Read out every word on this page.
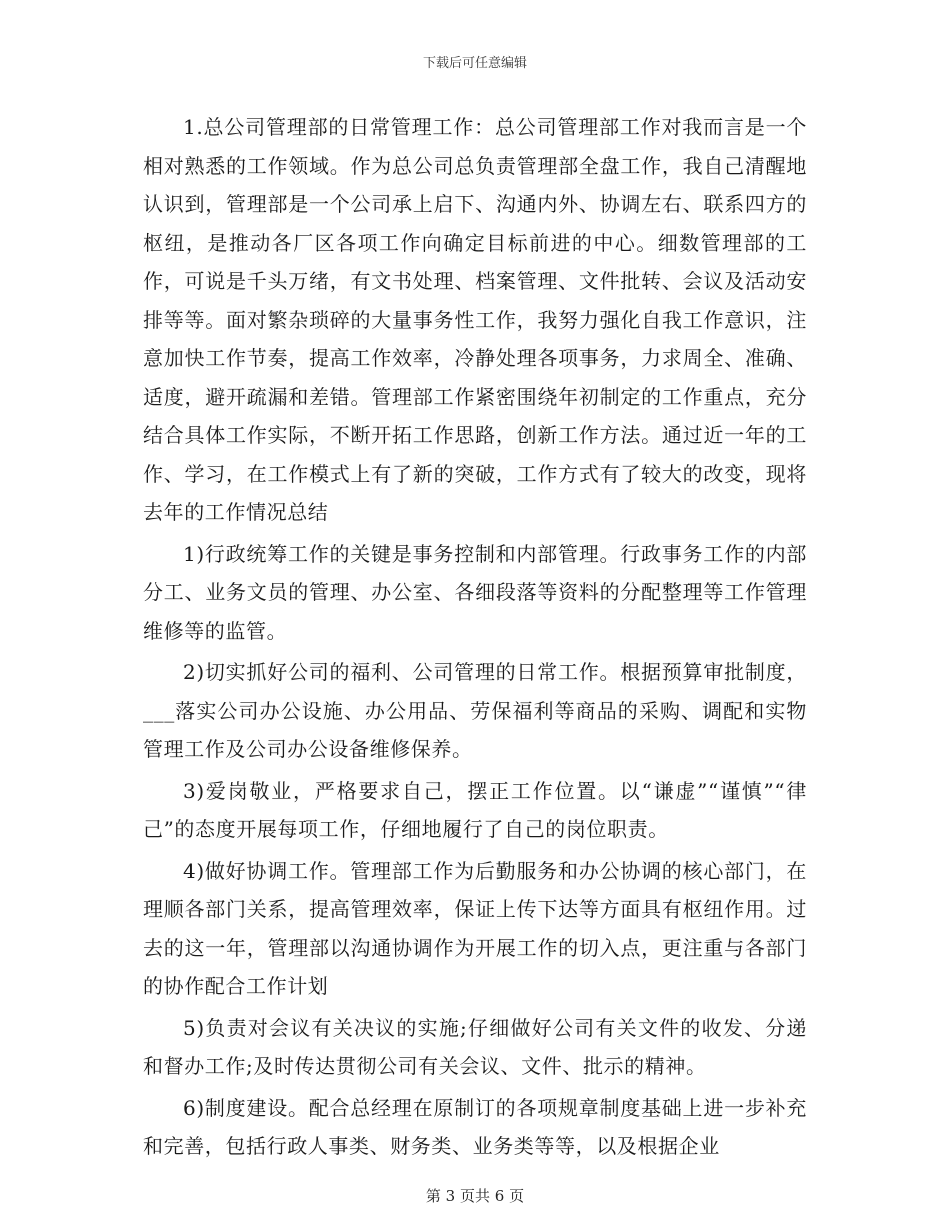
下载后可任意编辑

1.总公司管理部的日常管理工作：总公司管理部工作对我而言是一个相对熟悉的工作领域。作为总公司总负责管理部全盘工作，我自己清醒地认识到，管理部是一个公司承上启下、沟通内外、协调左右、联系四方的枢纽，是推动各厂区各项工作向确定目标前进的中心。细数管理部的工作，可说是千头万绪，有文书处理、档案管理、文件批转、会议及活动安排等等。面对繁杂琐碎的大量事务性工作，我努力强化自我工作意识，注意加快工作节奏，提高工作效率，冷静处理各项事务，力求周全、准确、适度，避开疏漏和差错。管理部工作紧密围绕年初制定的工作重点，充分结合具体工作实际，不断开拓工作思路，创新工作方法。通过近一年的工作、学习，在工作模式上有了新的突破，工作方式有了较大的改变，现将去年的工作情况总结

1)行政统筹工作的关键是事务控制和内部管理。行政事务工作的内部分工、业务文员的管理、办公室、各细段落等资料的分配整理等工作管理维修等的监管。

2)切实抓好公司的福利、公司管理的日常工作。根据预算审批制度，___落实公司办公设施、办公用品、劳保福利等商品的采购、调配和实物管理工作及公司办公设备维修保养。

3)爱岗敬业，严格要求自己，摆正工作位置。以“谦虚”“谨慎”“律己”的态度开展每项工作，仔细地履行了自己的岗位职责。

4)做好协调工作。管理部工作为后勤服务和办公协调的核心部门，在理顺各部门关系，提高管理效率，保证上传下达等方面具有枢纽作用。过去的这一年，管理部以沟通协调作为开展工作的切入点，更注重与各部门的协作配合工作计划

5)负责对会议有关决议的实施;仔细做好公司有关文件的收发、分递和督办工作;及时传达贯彻公司有关会议、文件、批示的精神。

6)制度建设。配合总经理在原制订的各项规章制度基础上进一步补充和完善，包括行政人事类、财务类、业务类等等，以及根据企业

第 3 页共 6 页
